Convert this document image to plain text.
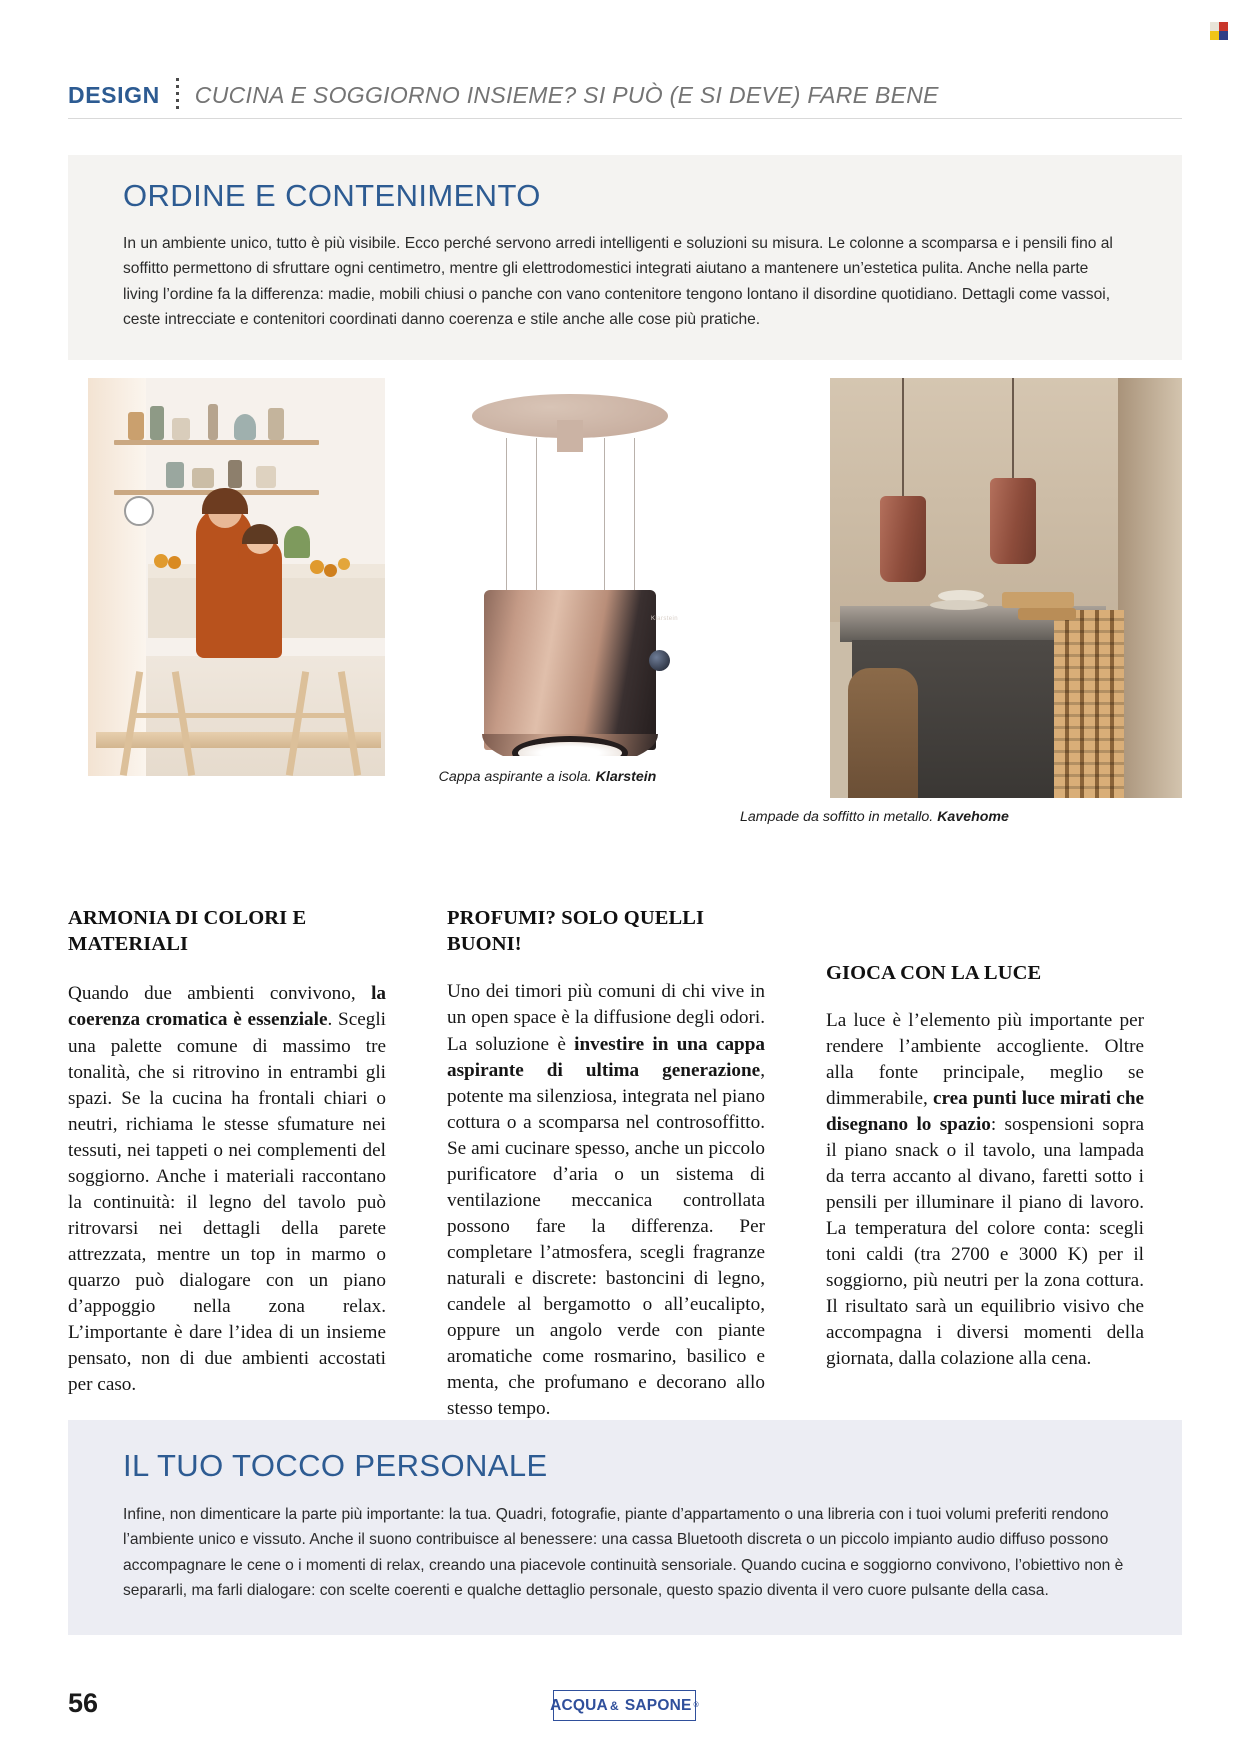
DESIGN CUCINA E SOGGIORNO INSIEME? SI PUÒ (E SI DEVE) FARE BENE
ORDINE E CONTENIMENTO

In un ambiente unico, tutto è più visibile. Ecco perché servono arredi intelligenti e soluzioni su misura. Le colonne a scomparsa e i pensili fino al soffitto permettono di sfruttare ogni centimetro, mentre gli elettrodomestici integrati aiutano a mantenere un’estetica pulita. Anche nella parte living l’ordine fa la differenza: madie, mobili chiusi o panche con vano contenitore tengono lontano il disordine quotidiano. Dettagli come vassoi, ceste intrecciate e contenitori coordinati danno coerenza e stile anche alle cose più pratiche.

Klarstein
Cappa aspirante a isola. Klarstein
Lampade da soffitto in metallo. Kavehome
ARMONIA DI COLORI E MATERIALI

Quando due ambienti convivono, la coerenza cromatica è essenziale. Scegli una palette comune di massimo tre tonalità, che si ritrovino in entrambi gli spazi. Se la cucina ha frontali chiari o neutri, richiama le stesse sfumature nei tessuti, nei tappeti o nei complementi del soggiorno. Anche i materiali raccontano la continuità: il legno del tavolo può ritrovarsi nei dettagli della parete attrezzata, mentre un top in marmo o quarzo può dialogare con un piano d’appoggio nella zona relax. L’importante è dare l’idea di un insieme pensato, non di due ambienti accostati per caso.

PROFUMI? SOLO QUELLI BUONI!

Uno dei timori più comuni di chi vive in un open space è la diffusione degli odori. La soluzione è investire in una cappa aspirante di ultima generazione, potente ma silenziosa, integrata nel piano cottura o a scomparsa nel controsoffitto. Se ami cucinare spesso, anche un piccolo purificatore d’aria o un sistema di ventilazione meccanica controllata possono fare la differenza. Per completare l’atmosfera, scegli fragranze naturali e discrete: bastoncini di legno, candele al bergamotto o all’eucalipto, oppure un angolo verde con piante aromatiche come rosmarino, basilico e menta, che profumano e decorano allo stesso tempo.

GIOCA CON LA LUCE

La luce è l’elemento più importante per rendere l’ambiente accogliente. Oltre alla fonte principale, meglio se dimmerabile, crea punti luce mirati che disegnano lo spazio: sospensioni sopra il piano snack o il tavolo, una lampada da terra accanto al divano, faretti sotto i pensili per illuminare il piano di lavoro. La temperatura del colore conta: scegli toni caldi (tra 2700 e 3000 K) per il soggiorno, più neutri per la zona cottura. Il risultato sarà un equilibrio visivo che accompagna i diversi momenti della giornata, dalla colazione alla cena.

IL TUO TOCCO PERSONALE

Infine, non dimenticare la parte più importante: la tua. Quadri, fotografie, piante d’appartamento o una libreria con i tuoi volumi preferiti rendono l’ambiente unico e vissuto. Anche il suono contribuisce al benessere: una cassa Bluetooth discreta o un piccolo impianto audio diffuso possono accompagnare le cene o i momenti di relax, creando una piacevole continuità sensoriale. Quando cucina e soggiorno convivono, l’obiettivo non è separarli, ma farli dialogare: con scelte coerenti e qualche dettaglio personale, questo spazio diventa il vero cuore pulsante della casa.

56	ACQUA & SAPONE ®
